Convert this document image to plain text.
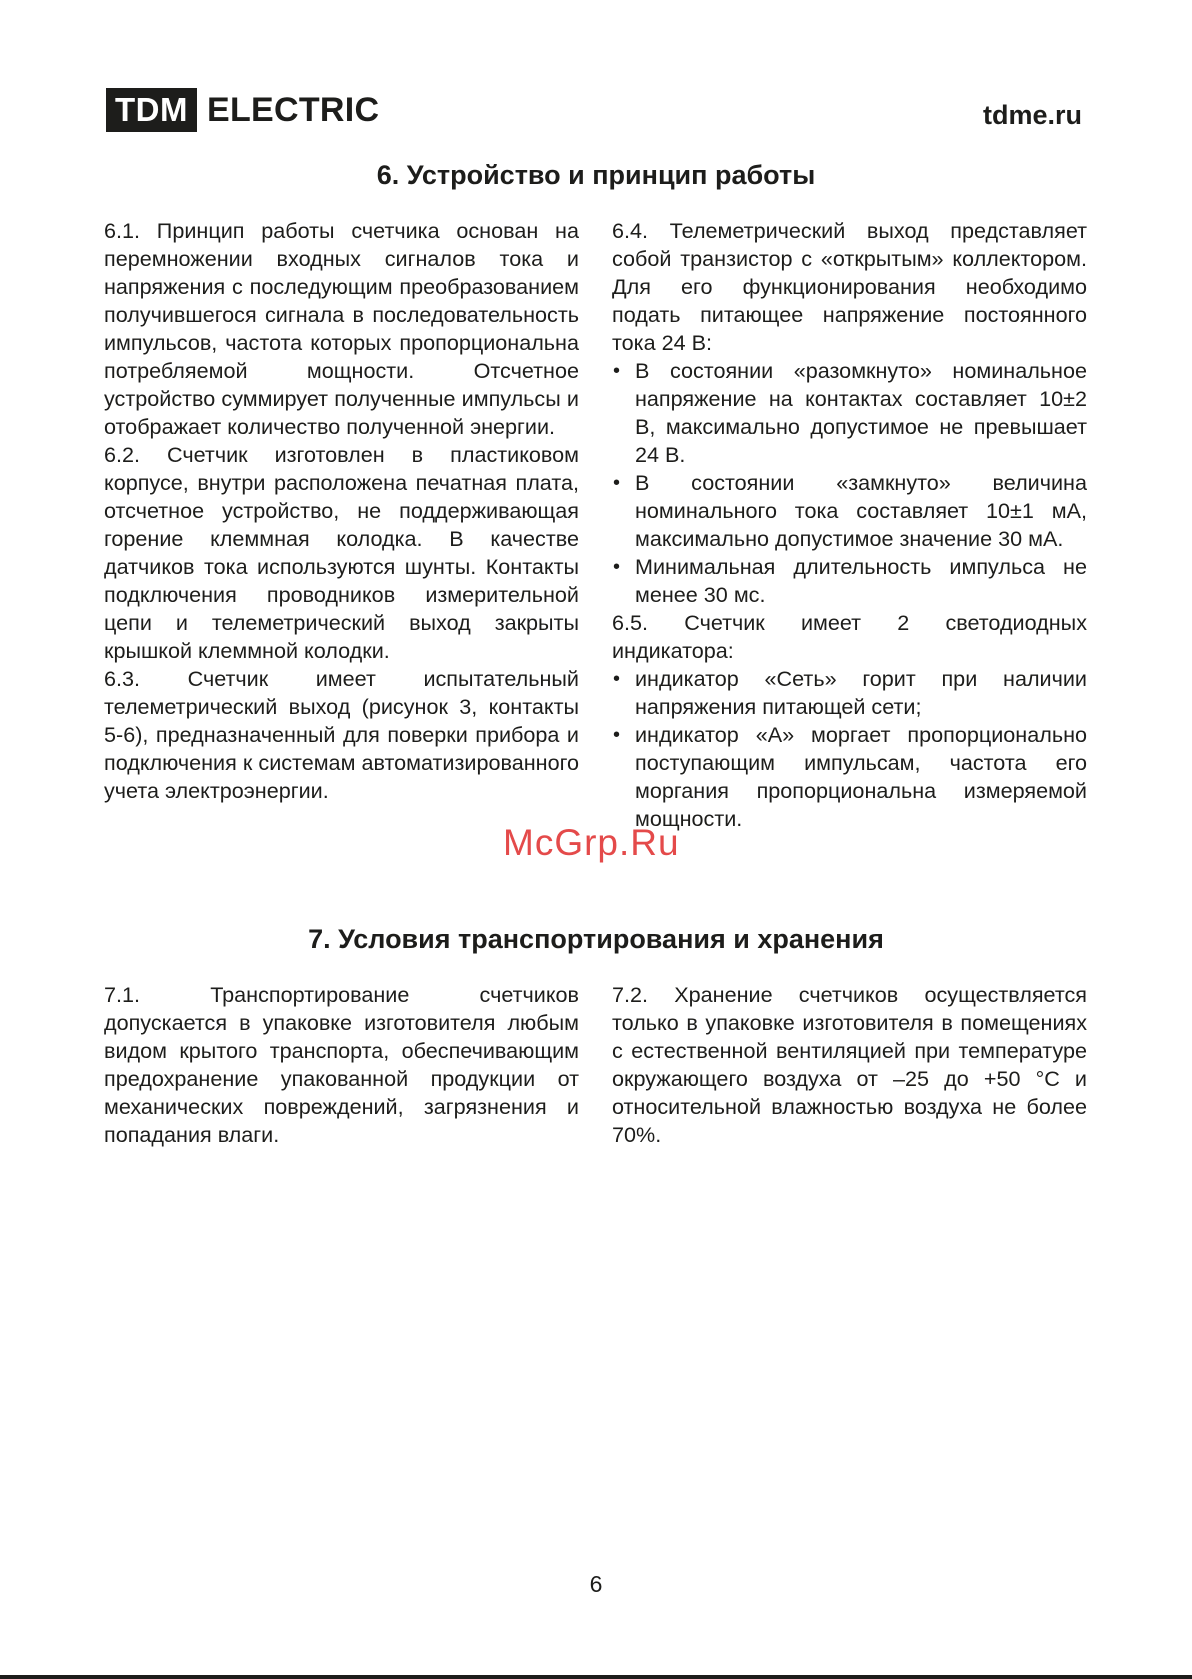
TDM ELECTRIC	tdme.ru
6. Устройство и принцип работы

6.1. Принцип работы счетчика основан на перемножении входных сигналов тока и напряжения с последующим преобразованием получившегося сигнала в последовательность импульсов, частота которых пропорциональна потребляемой мощности. Отсчетное устройство суммирует полученные импульсы и отображает количество полученной энергии.

6.2. Счетчик изготовлен в пластиковом корпусе, внутри расположена печатная плата, отсчетное устройство, не поддерживающая горение клеммная колодка. В качестве датчиков тока используются шунты. Контакты подключения проводников измерительной цепи и телеметрический выход закрыты крышкой клеммной колодки.

6.3. Счетчик имеет испытательный телеметрический выход (рисунок 3, контакты 5-6), предназначенный для поверки прибора и подключения к системам автоматизированного учета электроэнергии.

6.4. Телеметрический выход представляет собой транзистор с «открытым» коллектором. Для его функционирования необходимо подать питающее напряжение постоянного тока 24 В:

• В состоянии «разомкнуто» номинальное напряжение на контактах составляет 10±2 В, максимально допустимое не превышает 24 В.
• В состоянии «замкнуто» величина номинального тока составляет 10±1 мА, максимально допустимое значение 30 мА.
• Минимальная длительность импульса не менее 30 мс.

6.5. Счетчик имеет 2 светодиодных индикатора:

• индикатор «Сеть» горит при наличии напряжения питающей сети;
• индикатор «А» моргает пропорционально поступающим импульсам, частота его моргания пропорциональна измеряемой мощности.
McGrp.Ru
7. Условия транспортирования и хранения

7.1. Транспортирование счетчиков допускается в упаковке изготовителя любым видом крытого транспорта, обеспечивающим предохранение упакованной продукции от механических повреждений, загрязнения и попадания влаги.

7.2. Хранение счетчиков осуществляется только в упаковке изготовителя в помещениях с естественной вентиляцией при температуре окружающего воздуха от –25 до +50 °С и относительной влажностью воздуха не более 70%.

6
